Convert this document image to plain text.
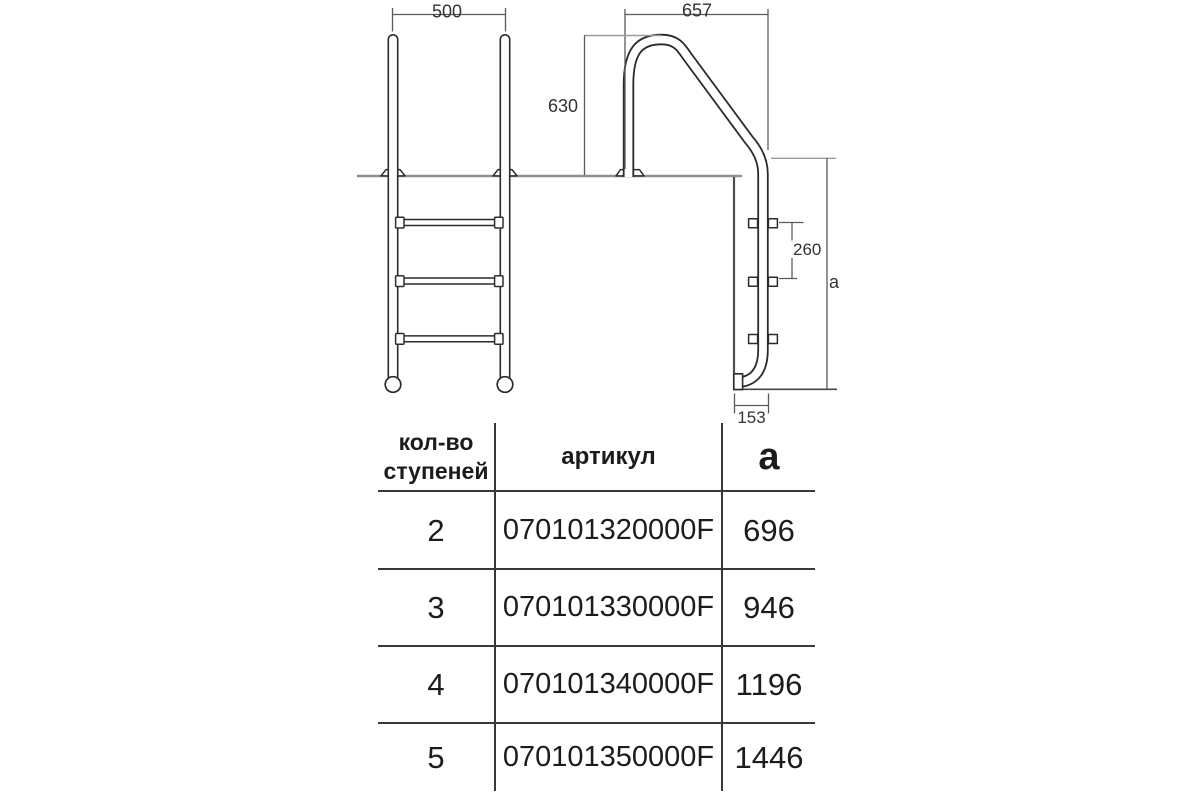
500	657
630
260
a
153
кол-во
ступеней
артикул	a
2 070101320000F 696
3 070101330000F 946
4 070101340000F 1196
5 070101350000F 1446
